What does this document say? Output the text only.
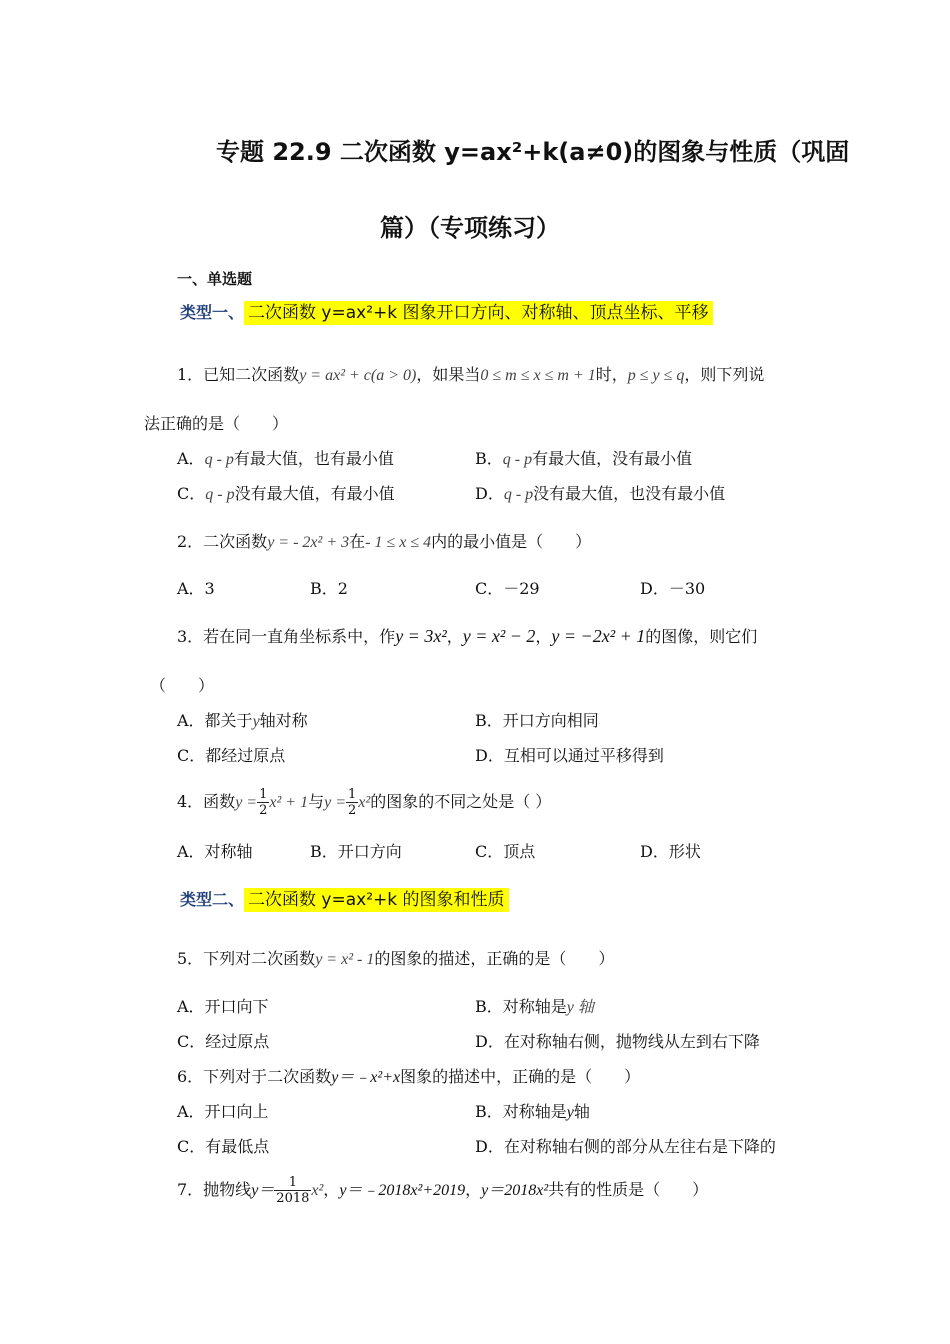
专题 22.9 二次函数 y=ax²+k(a≠0)的图象与性质（巩固
篇）（专项练习）
一、单选题
类型一、 二次函数 y=ax²+k 图象开口方向、对称轴、顶点坐标、平移
1．已知二次函数y = ax² + c(a > 0)，如果当0 ≤ m ≤ x ≤ m + 1时，p ≤ y ≤ q，则下列说
法正确的是（　　）
A．q - p有最大值，也有最小值	B．q - p有最大值，没有最小值
C．q - p没有最大值，有最小值	D．q - p没有最大值，也没有最小值
2．二次函数y = - 2x² + 3在- 1 ≤ x ≤ 4内的最小值是（　　）
A．3	B．2	C．－29	D．－30
3．若在同一直角坐标系中，作y = 3x²，y = x² − 2，y = −2x² + 1的图像，则它们
（　　）
A．都关于y轴对称	B．开口方向相同
C．都经过原点	D．互相可以通过平移得到
4．函数$y = \frac{1}{2} x^2 + 1$与$y = \frac{1}{2} x^2$的图象的不同之处是（ ）
A．对称轴	B．开口方向	C．顶点	D．形状
类型二、 二次函数 y=ax²+k 的图象和性质
5．下列对二次函数y = x² - 1的图象的描述，正确的是（　　）
A．开口向下	B．对称轴是y 轴
C．经过原点	D．在对称轴右侧，抛物线从左到右下降
6．下列对于二次函数y＝﹣x²+x图象的描述中，正确的是（　　）
A．开口向上	B．对称轴是y轴
C．有最低点	D．在对称轴右侧的部分从左往右是下降的
7．抛物线$y= \frac{1}{2018} x^2$，y＝﹣2018x²+2019，y＝2018x²共有的性质是（　　）
